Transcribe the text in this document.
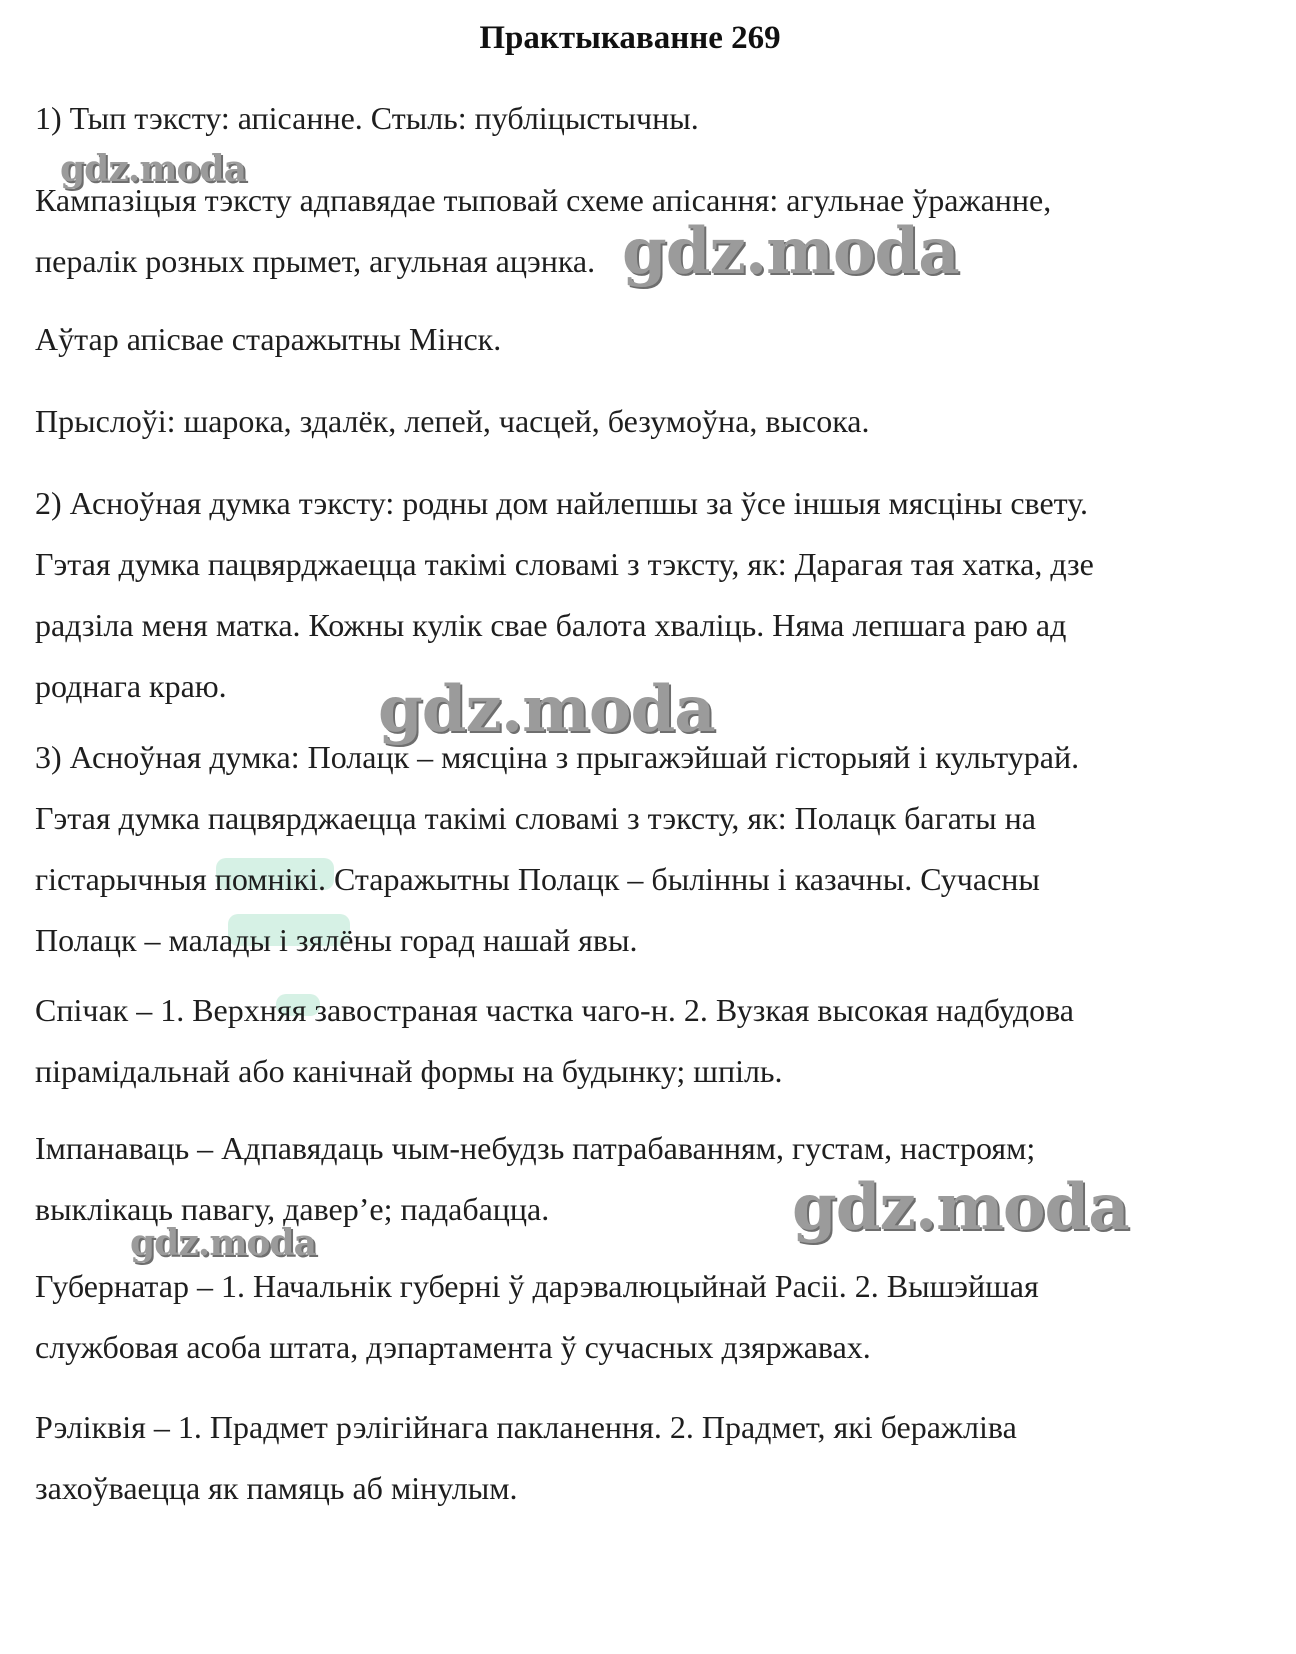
Практыкаванне 269
1) Тып тэксту: апісанне. Стыль: публіцыстычны.
Кампазіцыя тэксту адпавядае тыповай схеме апісання: агульнае ўражанне,
пералік розных прымет, агульная ацэнка.
Аўтар апісвае старажытны Мінск.
Прыслоўі: шарока, здалёк, лепей, часцей, безумоўна, высока.
2) Асноўная думка тэксту: родны дом найлепшы за ўсе іншыя мясціны свету.
Гэтая думка пацвярджаецца такімі словамі з тэксту, як: Дарагая тая хатка, дзе
радзіла меня матка. Кожны кулік свае балота хваліць. Няма лепшага раю ад
роднага краю.
3) Асноўная думка: Полацк – мясціна з прыгажэйшай гісторыяй і культурай.
Гэтая думка пацвярджаецца такімі словамі з тэксту, як: Полацк багаты на
гістарычныя помнікі. Старажытны Полацк – былінны і казачны. Сучасны
Полацк – малады і зялёны горад нашай явы.
Спічак – 1. Верхняя завостраная частка чаго-н. 2. Вузкая высокая надбудова
пірамідальнай або канічнай формы на будынку; шпіль.
Імпанаваць – Адпавядаць чым-небудзь патрабаванням, густам, настроям;
выклікаць павагу, давер’е; падабацца.
Губернатар – 1. Начальнік губерні ў дарэвалюцыйнай Расіі. 2. Вышэйшая
службовая асоба штата, дэпартамента ў сучасных дзяржавах.
Рэліквія – 1. Прадмет рэлігійнага пакланення. 2. Прадмет, які беражліва
захоўваецца як памяць аб мінулым.
gdz.moda
gdz.moda
gdz.moda
gdz.moda
gdz.moda
